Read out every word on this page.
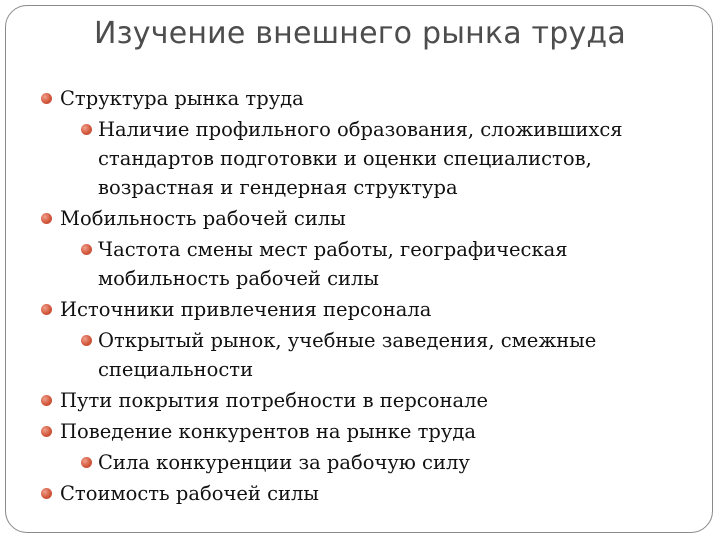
Изучение внешнего рынка труда
Структура рынка труда
Наличие профильного образования, сложившихся стандартов подготовки и оценки специалистов, возрастная и гендерная структура
Мобильность рабочей силы
Частота смены мест работы, географическая мобильность рабочей силы
Источники привлечения персонала
Открытый рынок, учебные заведения, смежные специальности
Пути покрытия потребности в персонале
Поведение конкурентов на рынке труда
Сила конкуренции за рабочую силу
Стоимость рабочей силы
